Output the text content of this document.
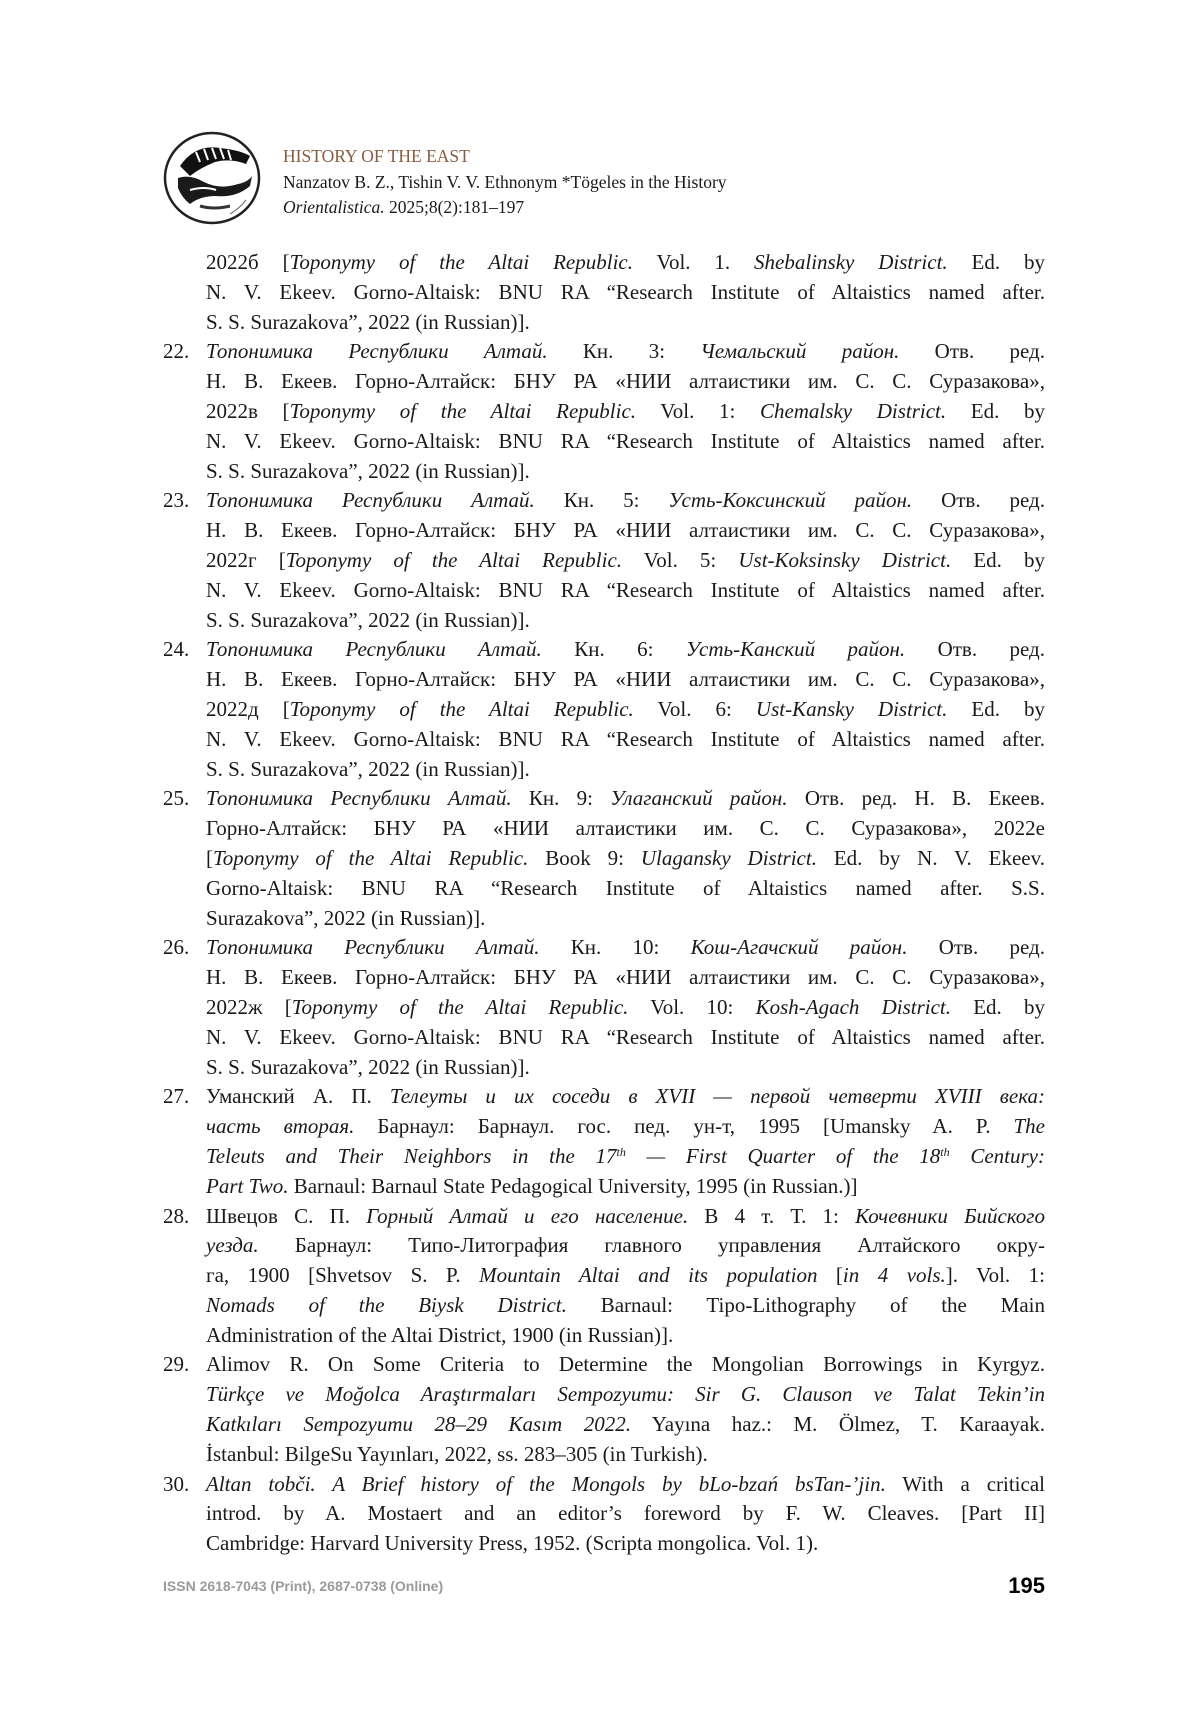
HISTORY OF THE EAST
Nanzatov B. Z., Tishin V. V. Ethnonym *Tögeles in the History
Orientalistica. 2025;8(2):181–197
2022б [Toponymy of the Altai Republic. Vol. 1. Shebalinsky District. Ed. by
N. V. Ekeev. Gorno-Altaisk: BNU RA “Research Institute of Altaistics named after.
S. S. Surazakova”, 2022 (in Russian)].
22. Топонимика Республики Алтай. Кн. 3: Чемальский район. Отв. ред.
Н. В. Екеев. Горно-Алтайск: БНУ РА «НИИ алтаистики им. С. С. Суразакова»,
2022в [Toponymy of the Altai Republic. Vol. 1: Chemalsky District. Ed. by
N. V. Ekeev. Gorno-Altaisk: BNU RA “Research Institute of Altaistics named after.
S. S. Surazakova”, 2022 (in Russian)].
23. Топонимика Республики Алтай. Кн. 5: Усть-Коксинский район. Отв. ред.
Н. В. Екеев. Горно-Алтайск: БНУ РА «НИИ алтаистики им. С. С. Суразакова»,
2022г [Toponymy of the Altai Republic. Vol. 5: Ust-Koksinsky District. Ed. by
N. V. Ekeev. Gorno-Altaisk: BNU RA “Research Institute of Altaistics named after.
S. S. Surazakova”, 2022 (in Russian)].
24. Топонимика Республики Алтай. Кн. 6: Усть-Канский район. Отв. ред.
Н. В. Екеев. Горно-Алтайск: БНУ РА «НИИ алтаистики им. С. С. Суразакова»,
2022д [Toponymy of the Altai Republic. Vol. 6: Ust-Kansky District. Ed. by
N. V. Ekeev. Gorno-Altaisk: BNU RA “Research Institute of Altaistics named after.
S. S. Surazakova”, 2022 (in Russian)].
25. Топонимика Республики Алтай. Кн. 9: Улаганский район. Отв. ред. Н. В. Екеев.
Горно-Алтайск: БНУ РА «НИИ алтаистики им. С. С. Суразакова», 2022е
[Toponymy of the Altai Republic. Book 9: Ulagansky District. Ed. by N. V. Ekeev.
Gorno-Altaisk: BNU RA “Research Institute of Altaistics named after. S.S.
Surazakova”, 2022 (in Russian)].
26. Топонимика Республики Алтай. Кн. 10: Кош-Агачский район. Отв. ред.
Н. В. Екеев. Горно-Алтайск: БНУ РА «НИИ алтаистики им. С. С. Суразакова»,
2022ж [Toponymy of the Altai Republic. Vol. 10: Kosh-Agach District. Ed. by
N. V. Ekeev. Gorno-Altaisk: BNU RA “Research Institute of Altaistics named after.
S. S. Surazakova”, 2022 (in Russian)].
27. Уманский А. П. Телеуты и их соседи в XVII — первой четверти XVIII века:
часть вторая. Барнаул: Барнаул. гос. пед. ун-т, 1995 [Umansky A. P. The
Teleuts and Their Neighbors in the 17th — First Quarter of the 18th Century:
Part Two. Barnaul: Barnaul State Pedagogical University, 1995 (in Russian.)]
28. Швецов С. П. Горный Алтай и его население. В 4 т. Т. 1: Кочевники Бийского
уезда. Барнаул: Типо-Литография главного управления Алтайского окру-
га, 1900 [Shvetsov S. P. Mountain Altai and its population [in 4 vols.]. Vol. 1:
Nomads of the Biysk District. Barnaul: Tipo-Lithography of the Main
Administration of the Altai District, 1900 (in Russian)].
29. Alimov R. On Some Criteria to Determine the Mongolian Borrowings in Kyrgyz.
Türkçe ve Moğolca Araştırmaları Sempozyumu: Sir G. Clauson ve Talat Tekin’in
Katkıları Sempozyumu 28–29 Kasım 2022. Yayına haz.: M. Ölmez, T. Karaayak.
İstanbul: BilgeSu Yayınları, 2022, ss. 283–305 (in Turkish).
30. Altan tobči. A Brief history of the Mongols by bLo-bzań bsTan-’jin. With a critical
introd. by A. Mostaert and an editor’s foreword by F. W. Cleaves. [Part II]
Cambridge: Harvard University Press, 1952. (Scripta mongolica. Vol. 1).
ISSN 2618-7043 (Print), 2687-0738 (Online)	195
